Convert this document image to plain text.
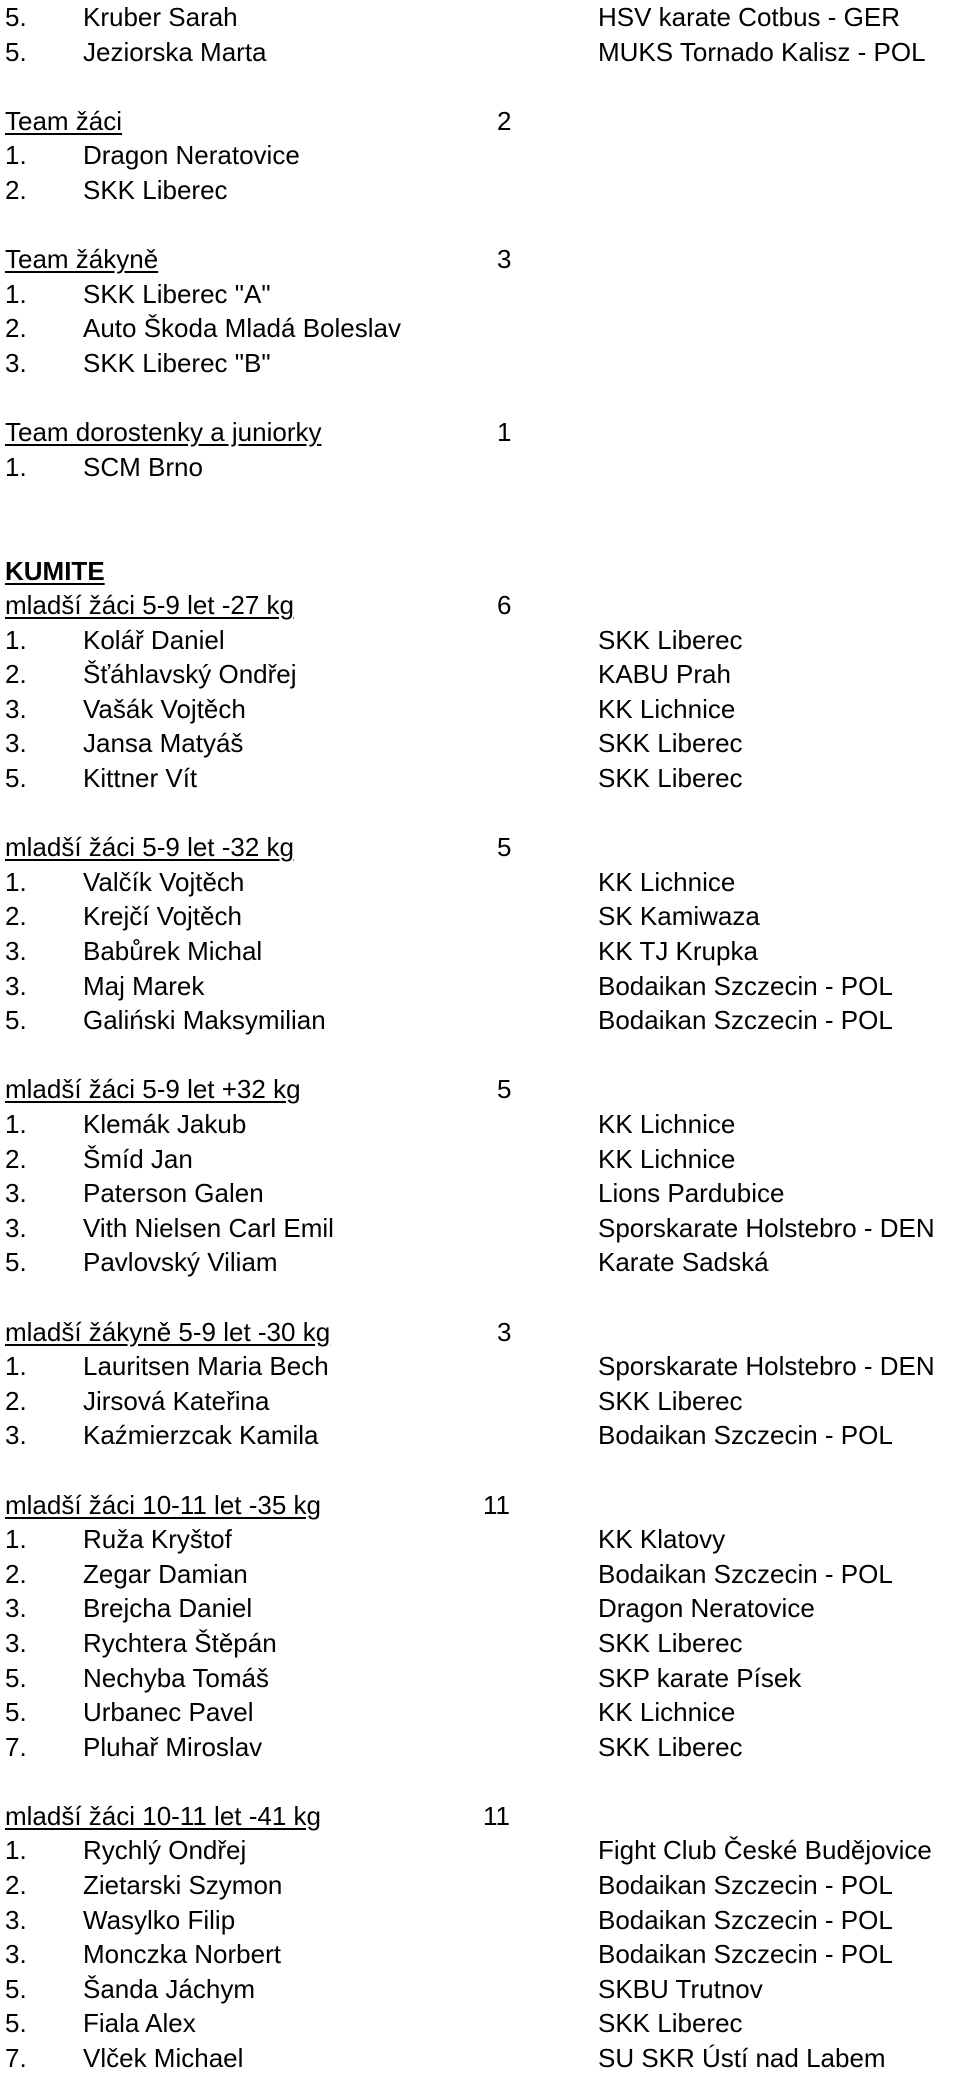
5. Kruber Sarah	HSV karate Cotbus - GER
5. Jeziorska Marta	MUKS Tornado Kalisz - POL
Team žáci	2
1. Dragon Neratovice
2. SKK Liberec
Team žákyně	3
1. SKK Liberec "A"
2. Auto Škoda Mladá Boleslav
3. SKK Liberec "B"
Team dorostenky a juniorky	1
1. SCM Brno
KUMITE
mladší žáci 5-9 let -27 kg	6
1. Kolář Daniel	SKK Liberec
2. Šťáhlavský Ondřej	KABU Prah
3. Vašák Vojtěch	KK Lichnice
3. Jansa Matyáš	SKK Liberec
5. Kittner Vít	SKK Liberec
mladší žáci 5-9 let -32 kg	5
1. Valčík Vojtěch	KK Lichnice
2. Krejčí Vojtěch	SK Kamiwaza
3. Babůrek Michal	KK TJ Krupka
3. Maj Marek	Bodaikan Szczecin - POL
5. Galiński Maksymilian	Bodaikan Szczecin - POL
mladší žáci 5-9 let +32 kg	5
1. Klemák Jakub	KK Lichnice
2. Šmíd Jan	KK Lichnice
3. Paterson Galen	Lions Pardubice
3. Vith Nielsen Carl Emil	Sporskarate Holstebro - DEN
5. Pavlovský Viliam	Karate Sadská
mladší žákyně 5-9 let -30 kg	3
1. Lauritsen Maria Bech	Sporskarate Holstebro - DEN
2. Jirsová Kateřina	SKK Liberec
3. Kaźmierzcak Kamila	Bodaikan Szczecin - POL
mladší žáci 10-11 let -35 kg	11
1. Ruža Kryštof	KK Klatovy
2. Zegar Damian	Bodaikan Szczecin - POL
3. Brejcha Daniel	Dragon Neratovice
3. Rychtera Štěpán	SKK Liberec
5. Nechyba Tomáš	SKP karate Písek
5. Urbanec Pavel	KK Lichnice
7. Pluhař Miroslav	SKK Liberec
mladší žáci 10-11 let -41 kg	11
1. Rychlý Ondřej	Fight Club České Budějovice
2. Zietarski Szymon	Bodaikan Szczecin - POL
3. Wasylko Filip	Bodaikan Szczecin - POL
3. Monczka Norbert	Bodaikan Szczecin - POL
5. Šanda Jáchym	SKBU Trutnov
5. Fiala Alex	SKK Liberec
7. Vlček Michael	SU SKR Ústí nad Labem
